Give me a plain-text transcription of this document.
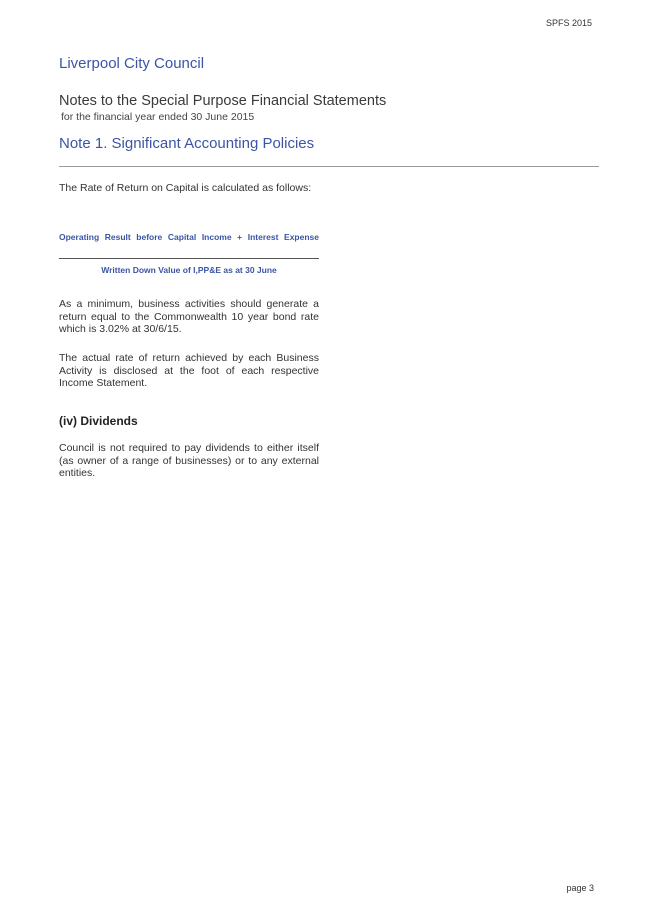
SPFS 2015
Liverpool City Council
Notes to the Special Purpose Financial Statements
for the financial year ended 30 June 2015
Note 1. Significant Accounting Policies
The Rate of Return on Capital is calculated as follows:
Operating Result before Capital Income + Interest Expense
Written Down Value of I,PP&E as at 30 June
As a minimum, business activities should generate a return equal to the Commonwealth 10 year bond rate which is 3.02% at 30/6/15.
The actual rate of return achieved by each Business Activity is disclosed at the foot of each respective Income Statement.
(iv) Dividends
Council is not required to pay dividends to either itself (as owner of a range of businesses) or to any external entities.
page 3
